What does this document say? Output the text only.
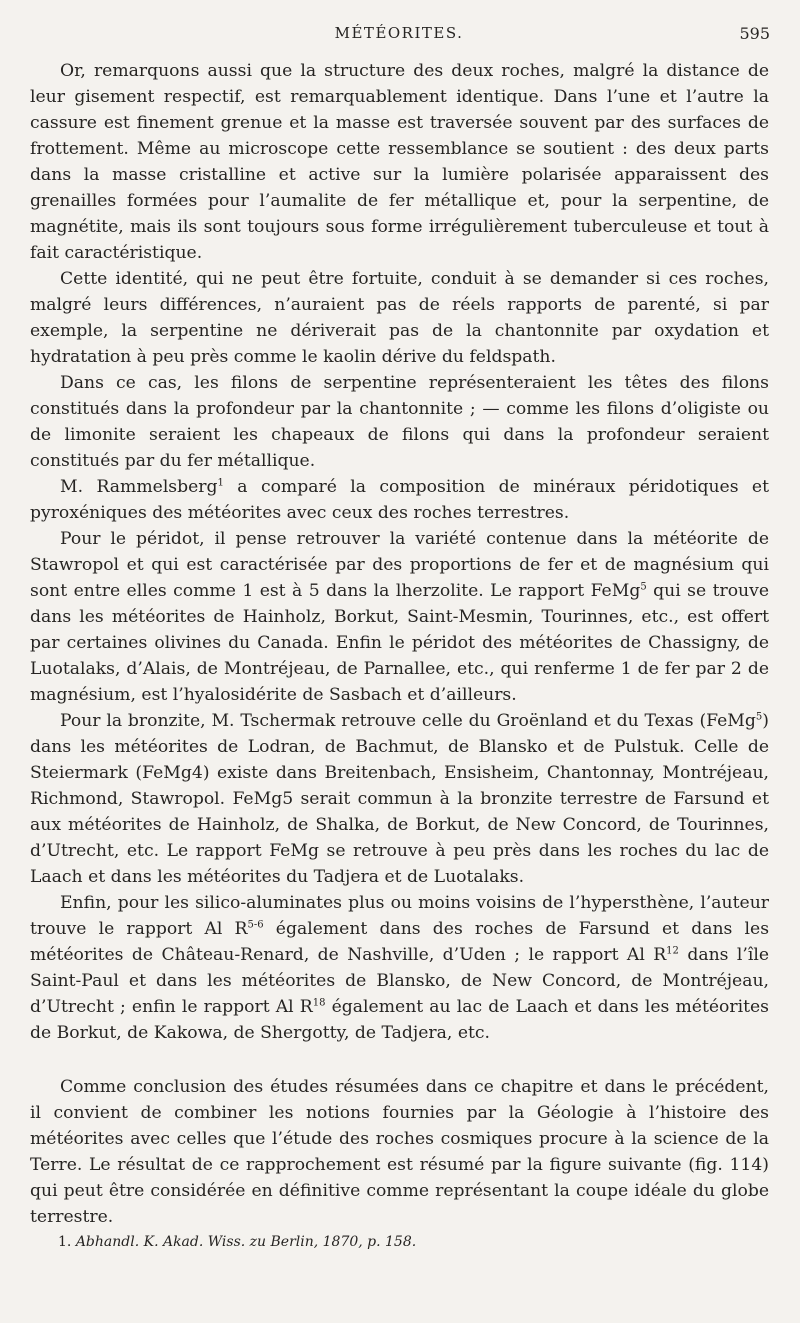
MÉTÉORITES.	595

Or, remarquons aussi que la structure des deux roches, malgré la distance de leur gisement respectif, est remarquablement identique. Dans l’une et l’autre la cassure est finement grenue et la masse est traversée souvent par des surfaces de frottement. Même au microscope cette ressemblance se soutient : des deux parts dans la masse cristalline et active sur la lumière polarisée apparaissent des grenailles formées pour l’aumalite de fer métallique et, pour la serpentine, de magnétite, mais ils sont toujours sous forme irrégulièrement tuberculeuse et tout à fait caractéristique.

Cette identité, qui ne peut être fortuite, conduit à se demander si ces roches, malgré leurs différences, n’auraient pas de réels rapports de parenté, si par exemple, la serpentine ne dériverait pas de la chantonnite par oxydation et hydratation à peu près comme le kaolin dérive du feldspath.

Dans ce cas, les filons de serpentine représenteraient les têtes des filons constitués dans la profondeur par la chantonnite ; — comme les filons d’oligiste ou de limonite seraient les chapeaux de filons qui dans la profondeur seraient constitués par du fer métallique.

M. Rammelsberg$^1$ a comparé la composition de minéraux péridotiques et pyroxéniques des météorites avec ceux des roches terrestres.

Pour le péridot, il pense retrouver la variété contenue dans la météorite de Stawropol et qui est caractérisée par des proportions de fer et de magnésium qui sont entre elles comme 1 est à 5 dans la lherzolite. Le rapport FeMg$^5$ qui se trouve dans les météorites de Hainholz, Borkut, Saint-Mesmin, Tourinnes, etc., est offert par certaines olivines du Canada. Enfin le péridot des météorites de Chassigny, de Luotalaks, d’Alais, de Montréjeau, de Parnallee, etc., qui renferme 1 de fer par 2 de magnésium, est l’hyalosidérite de Sasbach et d’ailleurs.

Pour la bronzite, M. Tschermak retrouve celle du Groënland et du Texas (FeMg$^5$) dans les météorites de Lodran, de Bachmut, de Blansko et de Pulstuk. Celle de Steiermark (FeMg4) existe dans Breitenbach, Ensisheim, Chantonnay, Montréjeau, Richmond, Stawropol. FeMg5 serait commun à la bronzite terrestre de Farsund et aux météorites de Hainholz, de Shalka, de Borkut, de New Concord, de Tourinnes, d’Utrecht, etc. Le rapport FeMg se retrouve à peu près dans les roches du lac de Laach et dans les météorites du Tadjera et de Luotalaks.

Enfin, pour les silico-aluminates plus ou moins voisins de l’hypersthène, l’auteur trouve le rapport Al $R^{5-6}$ également dans des roches de Farsund et dans les météorites de Château-Renard, de Nashville, d’Uden ; le rapport Al $R^{12}$ dans l’île Saint-Paul et dans les météorites de Blansko, de New Concord, de Montréjeau, d’Utrecht ; enfin le rapport Al $R^{18}$ également au lac de Laach et dans les météorites de Borkut, de Kakowa, de Shergotty, de Tadjera, etc.

Comme conclusion des études résumées dans ce chapitre et dans le précédent, il convient de combiner les notions fournies par la Géologie à l’histoire des météorites avec celles que l’étude des roches cosmiques procure à la science de la Terre. Le résultat de ce rapprochement est résumé par la figure suivante (fig. 114) qui peut être considérée en définitive comme représentant la coupe idéale du globe terrestre.

1. Abhandl. K. Akad. Wiss. zu Berlin, 1870, p. 158.
